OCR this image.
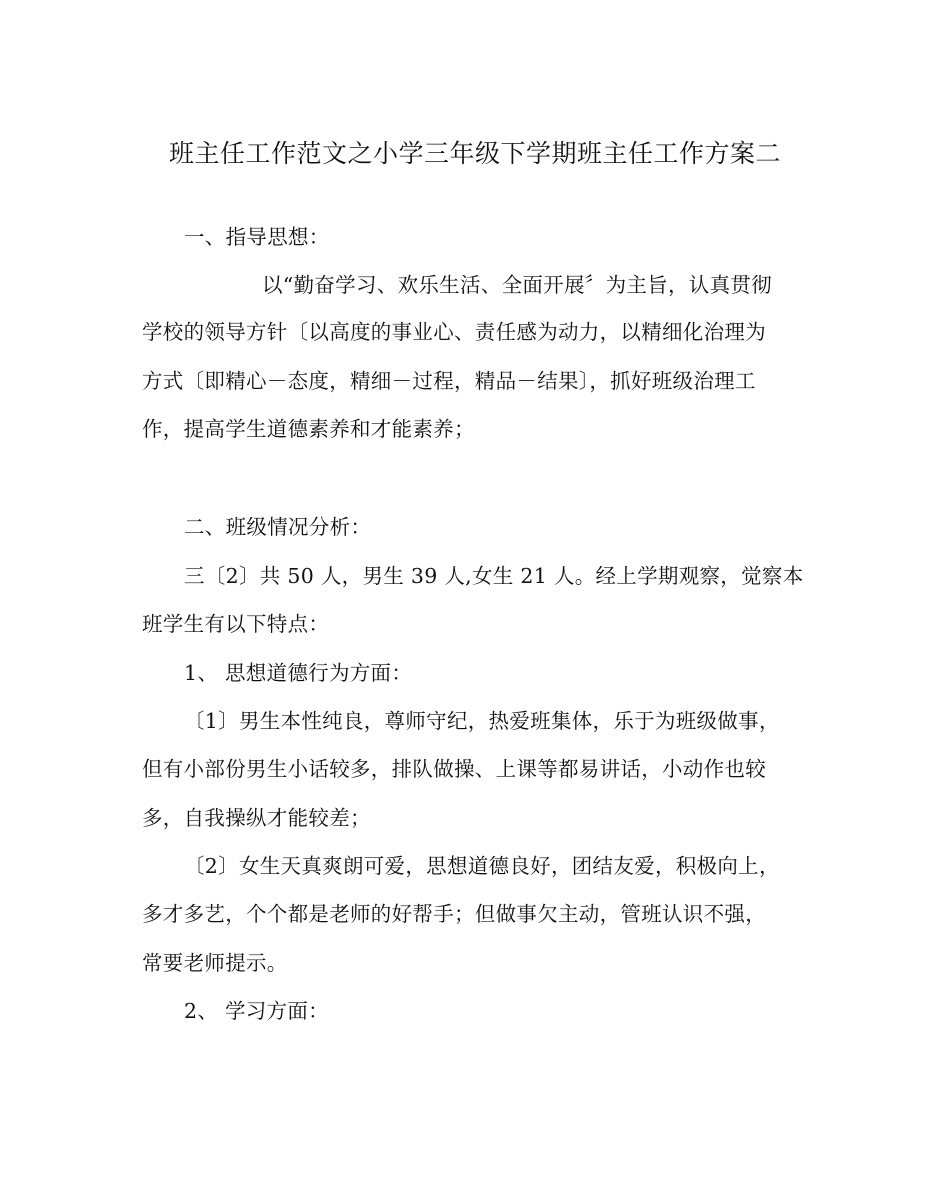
班主任工作范文之小学三年级下学期班主任工作方案二
一、指导思想：
以“勤奋学习、欢乐生活、全面开展〞为主旨，认真贯彻
学校的领导方针〔以高度的事业心、责任感为动力，以精细化治理为
方式〔即精心－态度，精细－过程，精品－结果〕，抓好班级治理工
作，提高学生道德素养和才能素养；
二、班级情况分析：
三〔2〕共 50 人，男生 39 人,女生 21 人。经上学期观察，觉察本
班学生有以下特点：
1、 思想道德行为方面：
〔1〕男生本性纯良，尊师守纪，热爱班集体，乐于为班级做事，
但有小部份男生小话较多，排队做操、上课等都易讲话，小动作也较
多，自我操纵才能较差；
〔2〕女生天真爽朗可爱，思想道德良好，团结友爱，积极向上，
多才多艺，个个都是老师的好帮手；但做事欠主动，管班认识不强，
常要老师提示。
2、 学习方面：
